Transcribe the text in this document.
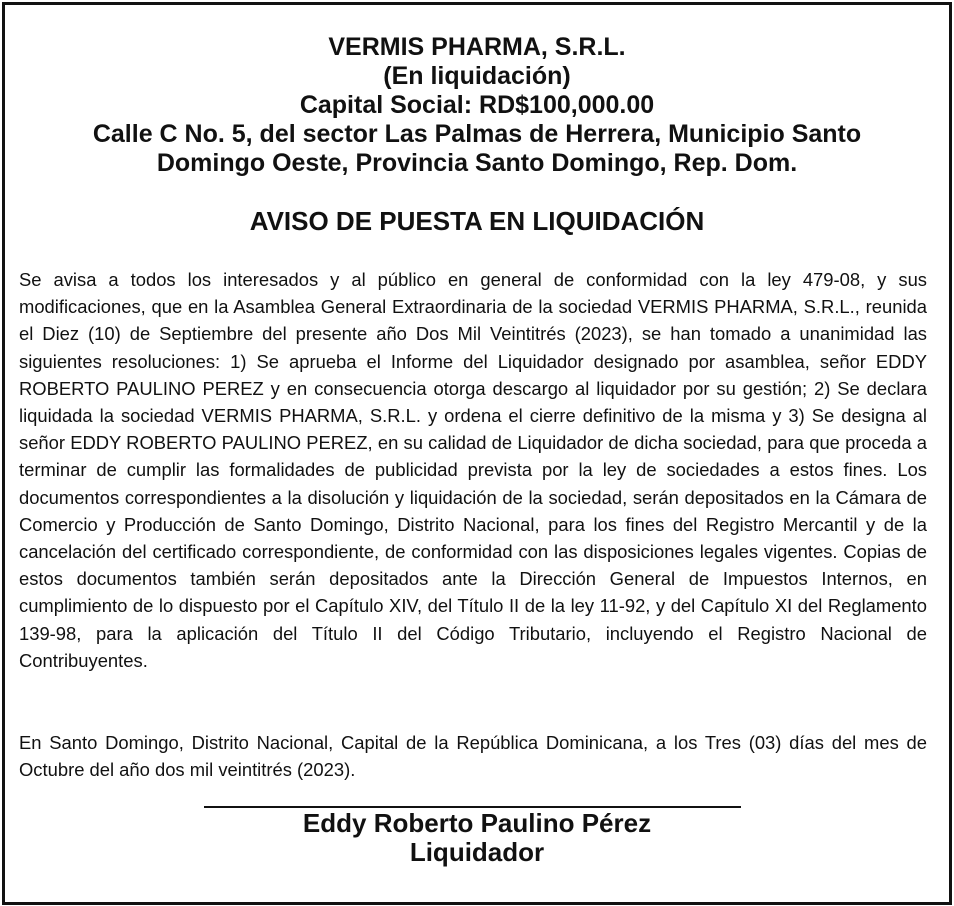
VERMIS PHARMA, S.R.L.
(En liquidación)
Capital Social: RD$100,000.00
Calle C No. 5, del sector Las Palmas de Herrera, Municipio Santo
Domingo Oeste, Provincia Santo Domingo, Rep. Dom.
AVISO DE PUESTA EN LIQUIDACIÓN
Se avisa a todos los interesados y al público en general de conformidad con la ley 479-08, y sus modificaciones, que en la Asamblea General Extraordinaria de la sociedad VERMIS PHARMA, S.R.L., reunida el Diez (10) de Septiembre del presente año Dos Mil Veintitrés (2023), se han tomado a unanimidad las siguientes resoluciones: 1) Se aprueba el Informe del Liquidador designado por asamblea, señor EDDY ROBERTO PAULINO PEREZ y en consecuencia otorga descargo al liquidador por su gestión; 2) Se declara liquidada la sociedad VERMIS PHARMA, S.R.L. y ordena el cierre definitivo de la misma y 3) Se designa al señor EDDY ROBERTO PAULINO PEREZ, en su calidad de Liquidador de dicha sociedad, para que proceda a terminar de cumplir las formalidades de publicidad prevista por la ley de sociedades a estos fines. Los documentos correspondientes a la disolución y liquidación de la sociedad, serán depositados en la Cámara de Comercio y Producción de Santo Domingo, Distrito Nacional, para los fines del Registro Mercantil y de la cancelación del certificado correspondiente, de conformidad con las disposiciones legales vigentes. Copias de estos documentos también serán depositados ante la Dirección General de Impuestos Internos, en cumplimiento de lo dispuesto por el Capítulo XIV, del Título II de la ley 11-92, y del Capítulo XI del Reglamento 139-98, para la aplicación del Título II del Código Tributario, incluyendo el Registro Nacional de Contribuyentes.
En Santo Domingo, Distrito Nacional, Capital de la República Dominicana, a los Tres (03) días del mes de Octubre del año dos mil veintitrés (2023).
Eddy Roberto Paulino Pérez
Liquidador
